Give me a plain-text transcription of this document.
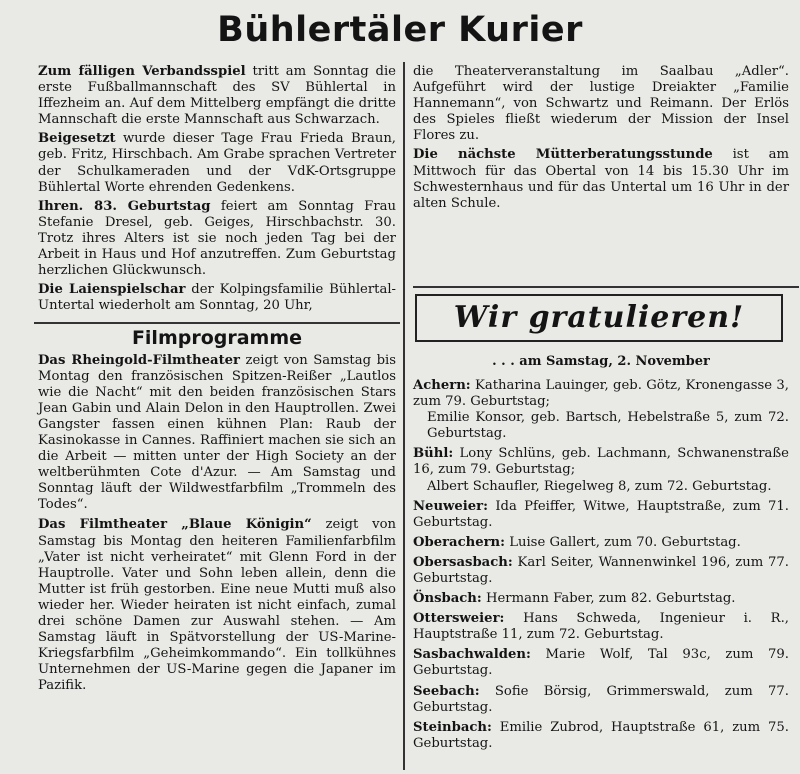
Bühlertäler Kurier

Zum fälligen Verbandsspiel tritt am Sonntag die erste Fußballmannschaft des SV Bühlertal in Iffezheim an. Auf dem Mittelberg empfängt die dritte Mannschaft die erste Mannschaft aus Schwarzach.

Beigesetzt wurde dieser Tage Frau Frieda Braun, geb. Fritz, Hirschbach. Am Grabe sprachen Vertreter der Schulkameraden und der VdK-Ortsgruppe Bühlertal Worte ehrenden Gedenkens.

Ihren. 83. Geburtstag feiert am Sonntag Frau Stefanie Dresel, geb. Geiges, Hirschbachstr. 30. Trotz ihres Alters ist sie noch jeden Tag bei der Arbeit in Haus und Hof anzutreffen. Zum Geburtstag herzlichen Glückwunsch.

Die Laienspielschar der Kolpingsfamilie Bühlertal-Untertal wiederholt am Sonntag, 20 Uhr,

Filmprogramme

Das Rheingold-Filmtheater zeigt von Samstag bis Montag den französischen Spitzen-Reißer „Lautlos wie die Nacht“ mit den beiden französischen Stars Jean Gabin und Alain Delon in den Hauptrollen. Zwei Gangster fassen einen kühnen Plan: Raub der Kasinokasse in Cannes. Raffiniert machen sie sich an die Arbeit — mitten unter der High Society an der weltberühmten Cote d'Azur. — Am Samstag und Sonntag läuft der Wildwestfarbfilm „Trommeln des Todes“.

Das Filmtheater „Blaue Königin“ zeigt von Samstag bis Montag den heiteren Familienfarbfilm „Vater ist nicht verheiratet“ mit Glenn Ford in der Hauptrolle. Vater und Sohn leben allein, denn die Mutter ist früh gestorben. Eine neue Mutti muß also wieder her. Wieder heiraten ist nicht einfach, zumal drei schöne Damen zur Auswahl stehen. — Am Samstag läuft in Spätvorstellung der US-Marine-Kriegsfarbfilm „Geheimkommando“. Ein tollkühnes Unternehmen der US-Marine gegen die Japaner im Pazifik.

die Theaterveranstaltung im Saalbau „Adler“. Aufgeführt wird der lustige Dreiakter „Familie Hannemann“, von Schwartz und Reimann. Der Erlös des Spieles fließt wiederum der Mission der Insel Flores zu.

Die nächste Mütterberatungsstunde ist am Mittwoch für das Obertal von 14 bis 15.30 Uhr im Schwesternhaus und für das Untertal um 16 Uhr in der alten Schule.

Wir gratulieren!
. . . am Samstag, 2. November
Achern: Katharina Lauinger, geb. Götz, Kronengasse 3, zum 79. Geburtstag;
Emilie Konsor, geb. Bartsch, Hebelstraße 5, zum 72. Geburtstag.
Bühl: Lony Schlüns, geb. Lachmann, Schwanenstraße 16, zum 79. Geburtstag;
Albert Schaufler, Riegelweg 8, zum 72. Geburtstag.
Neuweier: Ida Pfeiffer, Witwe, Hauptstraße, zum 71. Geburtstag.
Oberachern: Luise Gallert, zum 70. Geburtstag.
Obersasbach: Karl Seiter, Wannenwinkel 196, zum 77. Geburtstag.
Önsbach: Hermann Faber, zum 82. Geburtstag.
Ottersweier: Hans Schweda, Ingenieur i. R., Hauptstraße 11, zum 72. Geburtstag.
Sasbachwalden: Marie Wolf, Tal 93c, zum 79. Geburtstag.
Seebach: Sofie Börsig, Grimmerswald, zum 77. Geburtstag.
Steinbach: Emilie Zubrod, Hauptstraße 61, zum 75. Geburtstag.
